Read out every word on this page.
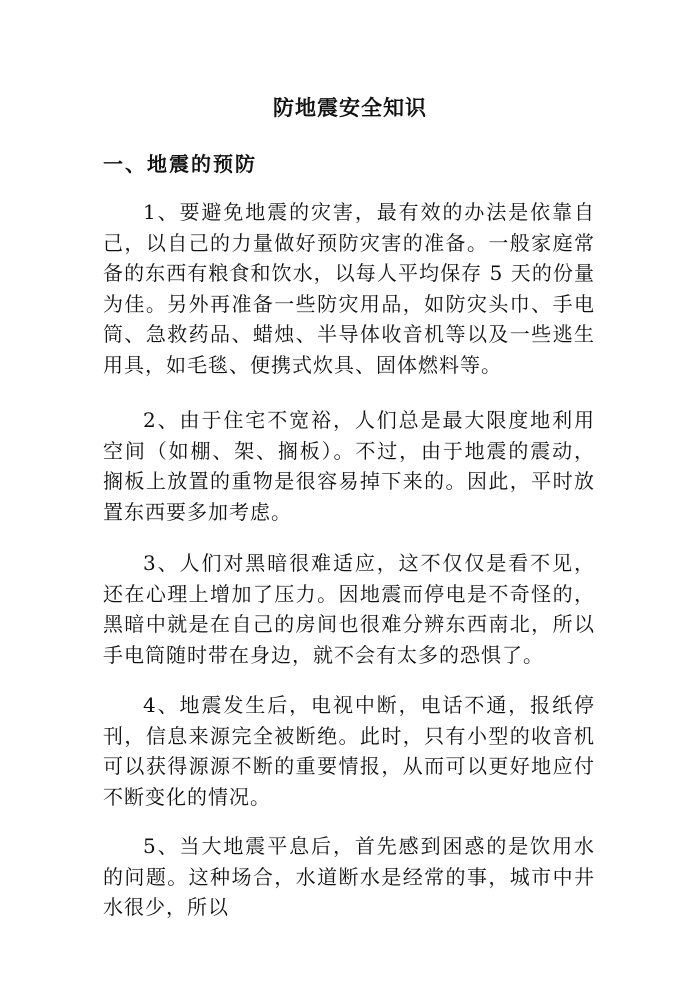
防地震安全知识
一、地震的预防

1、要避免地震的灾害，最有效的办法是依靠自己，以自己的力量做好预防灾害的准备。一般家庭常备的东西有粮食和饮水，以每人平均保存 5 天的份量为佳。另外再准备一些防灾用品，如防灾头巾、手电筒、急救药品、蜡烛、半导体收音机等以及一些逃生用具，如毛毯、便携式炊具、固体燃料等。

2、由于住宅不宽裕，人们总是最大限度地利用空间（如棚、架、搁板）。不过，由于地震的震动，搁板上放置的重物是很容易掉下来的。因此，平时放置东西要多加考虑。

3、人们对黑暗很难适应，这不仅仅是看不见，还在心理上增加了压力。因地震而停电是不奇怪的，黑暗中就是在自己的房间也很难分辨东西南北，所以手电筒随时带在身边，就不会有太多的恐惧了。

4、地震发生后，电视中断，电话不通，报纸停刊，信息来源完全被断绝。此时，只有小型的收音机可以获得源源不断的重要情报，从而可以更好地应付不断变化的情况。

5、当大地震平息后，首先感到困惑的是饮用水的问题。这种场合，水道断水是经常的事，城市中井水很少，所以
